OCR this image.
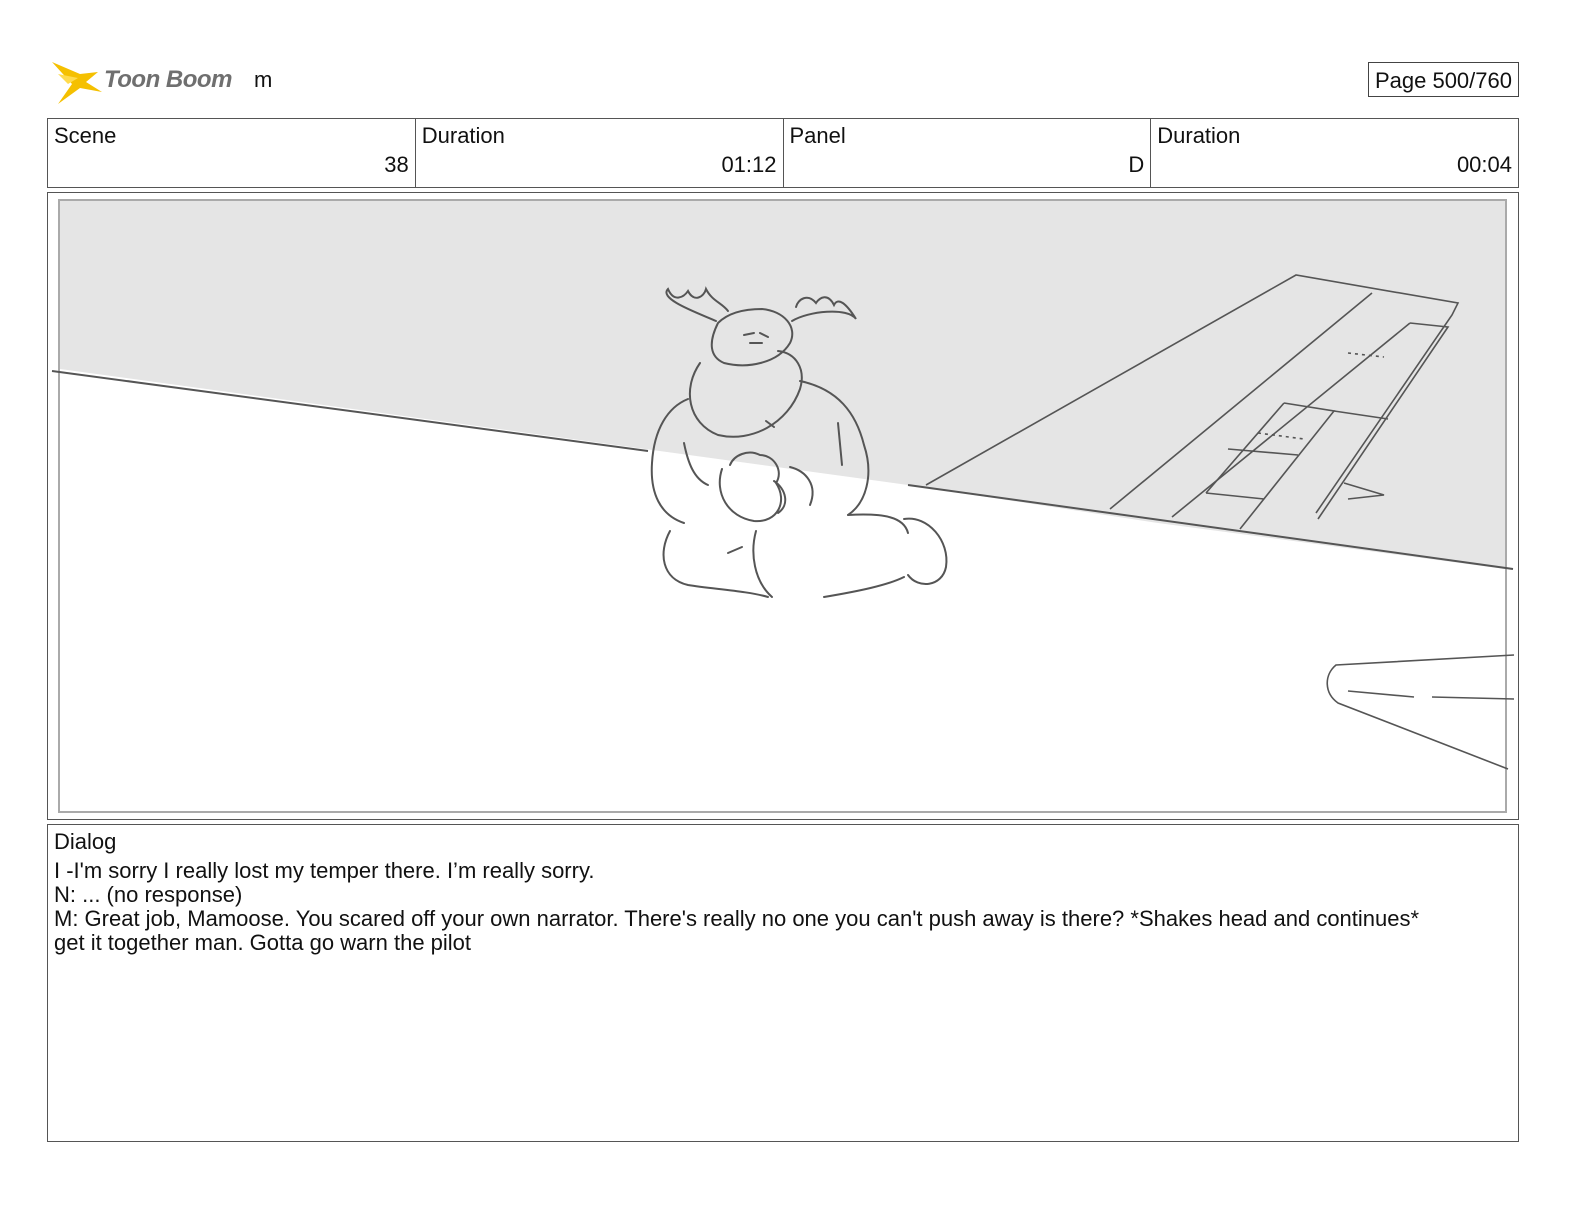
Toon Boom m	Page 500/760
Scene
38
Duration
01:12
Panel
D
Duration
00:04
Dialog
I -I'm sorry I really lost my temper there. I’m really sorry.
N: ... (no response)
M: Great job, Mamoose. You scared off your own narrator. There's really no one you can't push away is there? *Shakes head and continues* get it together man. Gotta go warn the pilot
